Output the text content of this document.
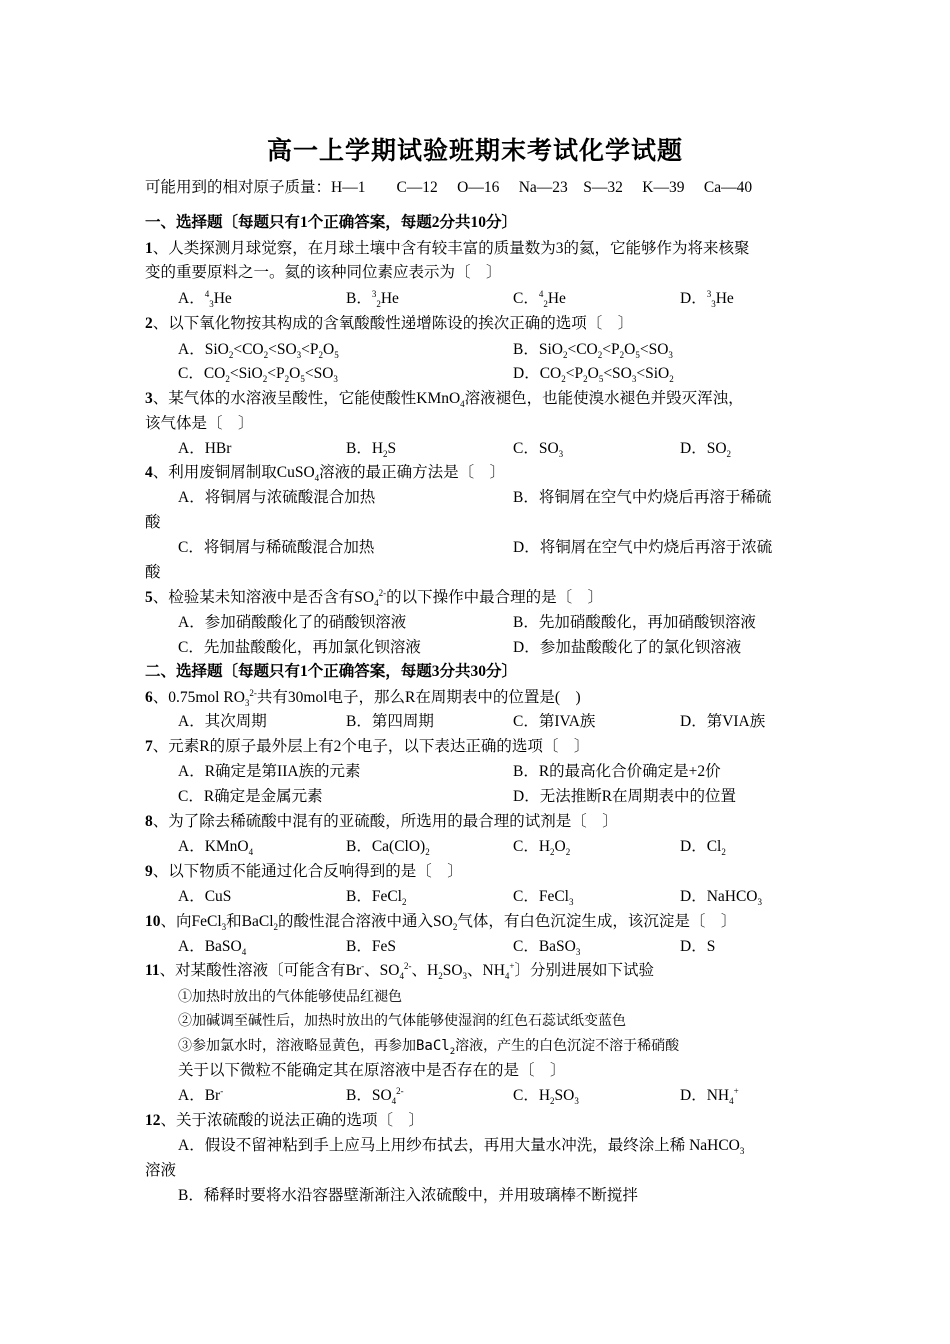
高一上学期试验班期末考试化学试题
可能用到的相对原子质量：H—1　　C—12　 O—16　 Na—23　S—32　 K—39　 Ca—40
一、选择题〔每题只有1个正确答案，每题2分共10分〕
1、人类探测月球觉察，在月球土壤中含有较丰富的质量数为3的氦，它能够作为将来核聚
变的重要原料之一。氦的该种同位素应表示为〔　〕
A．$^4_3$He	B．$^3_2$He	C．$^4_2$He	D．$^3_3$He
2、以下氧化物按其构成的含氧酸酸性递增陈设的挨次正确的选项〔　〕
A．$SiO_2<CO_2<SO_3<P_2O_5$	B．$SiO_2<CO_2<P_2O_5<SO_3$
C．$CO_2<SiO_2<P_2O_5<SO_3$	D．$CO_2<P_2O_5<SO_3<SiO_2$
3、某气体的水溶液呈酸性，它能使酸性KMnO$_4$溶液褪色，也能使溴水褪色并毁灭浑浊，
该气体是〔　〕
A．HBr	B．$H_2S$	C．$SO_3$	D．$SO_2$
4、利用废铜屑制取CuSO$_4$溶液的最正确方法是〔　〕
A．将铜屑与浓硫酸混合加热	B．将铜屑在空气中灼烧后再溶于稀硫
酸
C．将铜屑与稀硫酸混合加热	D．将铜屑在空气中灼烧后再溶于浓硫
酸
5、检验某未知溶液中是否含有$SO_4^{2-}$的以下操作中最合理的是〔　〕
A．参加硝酸酸化了的硝酸钡溶液	B．先加硝酸酸化，再加硝酸钡溶液
C．先加盐酸酸化，再加氯化钡溶液	D．参加盐酸酸化了的氯化钡溶液
二、选择题〔每题只有1个正确答案，每题3分共30分〕
6、0.75mol $RO_3^{2-}$共有30mol电子，那么R在周期表中的位置是(　)
A．其次周期	B．第四周期	C．第IVA族	D．第VIA族
7、元素R的原子最外层上有2个电子，以下表达正确的选项〔　〕
A．R确定是第IIA族的元素	B．R的最高化合价确定是+2价
C．R确定是金属元素	D．无法推断R在周期表中的位置
8、为了除去稀硫酸中混有的亚硫酸，所选用的最合理的试剂是〔　〕
A．KMnO$_4$	B．$Ca(ClO)_2$	C．$H_2O_2$	D．$Cl_2$
9、以下物质不能通过化合反响得到的是〔　〕
A．CuS	B．FeCl$_2$	C．FeCl$_3$	D．NaHCO$_3$
10、向FeCl$_3$和BaCl$_2$的酸性混合溶液中通入$SO_2$气体，有白色沉淀生成，该沉淀是〔　〕
A．BaSO$_4$	B．FeS	C．BaSO$_3$	D．S
11、对某酸性溶液〔可能含有Br-、$SO_4^{2-}$、$H_2SO_3$、$NH_4^+$〕分别进展如下试验
①加热时放出的气体能够使品红褪色
②加碱调至碱性后，加热时放出的气体能够使湿润的红色石蕊试纸变蓝色
③参加氯水时，溶液略显黄色，再参加BaCl$_2$溶液，产生的白色沉淀不溶于稀硝酸
关于以下微粒不能确定其在原溶液中是否存在的是〔　〕
A．Br-	B．$SO_4^{2-}$	C．$H_2SO_3$	D．$NH_4^+$
12、关于浓硫酸的说法正确的选项〔　〕
A．假设不留神粘到手上应马上用纱布拭去，再用大量水冲洗，最终涂上稀 NaHCO$_3$
溶液
B．稀释时要将水沿容器壁渐渐注入浓硫酸中，并用玻璃棒不断搅拌
